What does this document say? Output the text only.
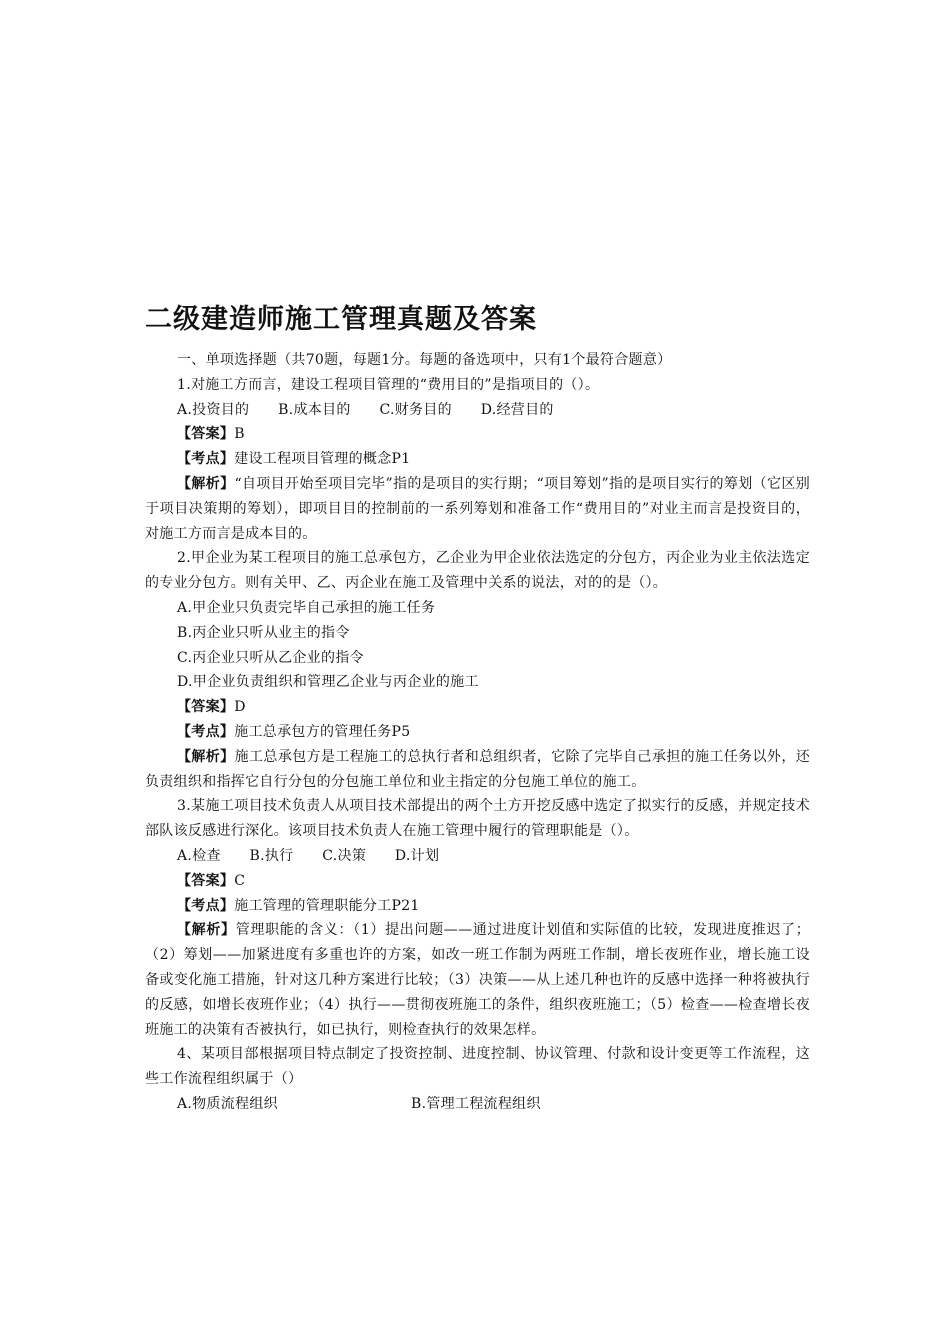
二级建造师施工管理真题及答案

一、单项选择题（共70题，每题1分。每题的备选项中，只有1个最符合题意）

1.对施工方而言，建设工程项目管理的“费用目的”是指项目的（）。

A.投资目的 B.成本目的 C.财务目的 D.经营目的

【答案】B

【考点】建设工程项目管理的概念P1

【解析】“自项目开始至项目完毕”指的是项目的实行期；“项目筹划”指的是项目实行的筹划（它区别于项目决策期的筹划），即项目目的控制前的一系列筹划和准备工作“费用目的”对业主而言是投资目的，对施工方而言是成本目的。

2.甲企业为某工程项目的施工总承包方，乙企业为甲企业依法选定的分包方，丙企业为业主依法选定的专业分包方。则有关甲、乙、丙企业在施工及管理中关系的说法，对的的是（）。

A.甲企业只负责完毕自己承担的施工任务

B.丙企业只听从业主的指令

C.丙企业只听从乙企业的指令

D.甲企业负责组织和管理乙企业与丙企业的施工

【答案】D

【考点】施工总承包方的管理任务P5

【解析】施工总承包方是工程施工的总执行者和总组织者，它除了完毕自己承担的施工任务以外，还负责组织和指挥它自行分包的分包施工单位和业主指定的分包施工单位的施工。

3.某施工项目技术负责人从项目技术部提出的两个土方开挖反感中选定了拟实行的反感，并规定技术部队该反感进行深化。该项目技术负责人在施工管理中履行的管理职能是（）。

A.检查 B.执行 C.决策 D.计划

【答案】C

【考点】施工管理的管理职能分工P21

【解析】管理职能的含义：（1）提出问题——通过进度计划值和实际值的比较，发现进度推迟了；（2）筹划——加紧进度有多重也许的方案，如改一班工作制为两班工作制，增长夜班作业，增长施工设备或变化施工措施，针对这几种方案进行比较；（3）决策——从上述几种也许的反感中选择一种将被执行的反感，如增长夜班作业；（4）执行——贯彻夜班施工的条件，组织夜班施工；（5）检查——检查增长夜班施工的决策有否被执行，如已执行，则检查执行的效果怎样。

4、某项目部根据项目特点制定了投资控制、进度控制、协议管理、付款和设计变更等工作流程，这些工作流程组织属于（）

A.物质流程组织	B.管理工程流程组织
